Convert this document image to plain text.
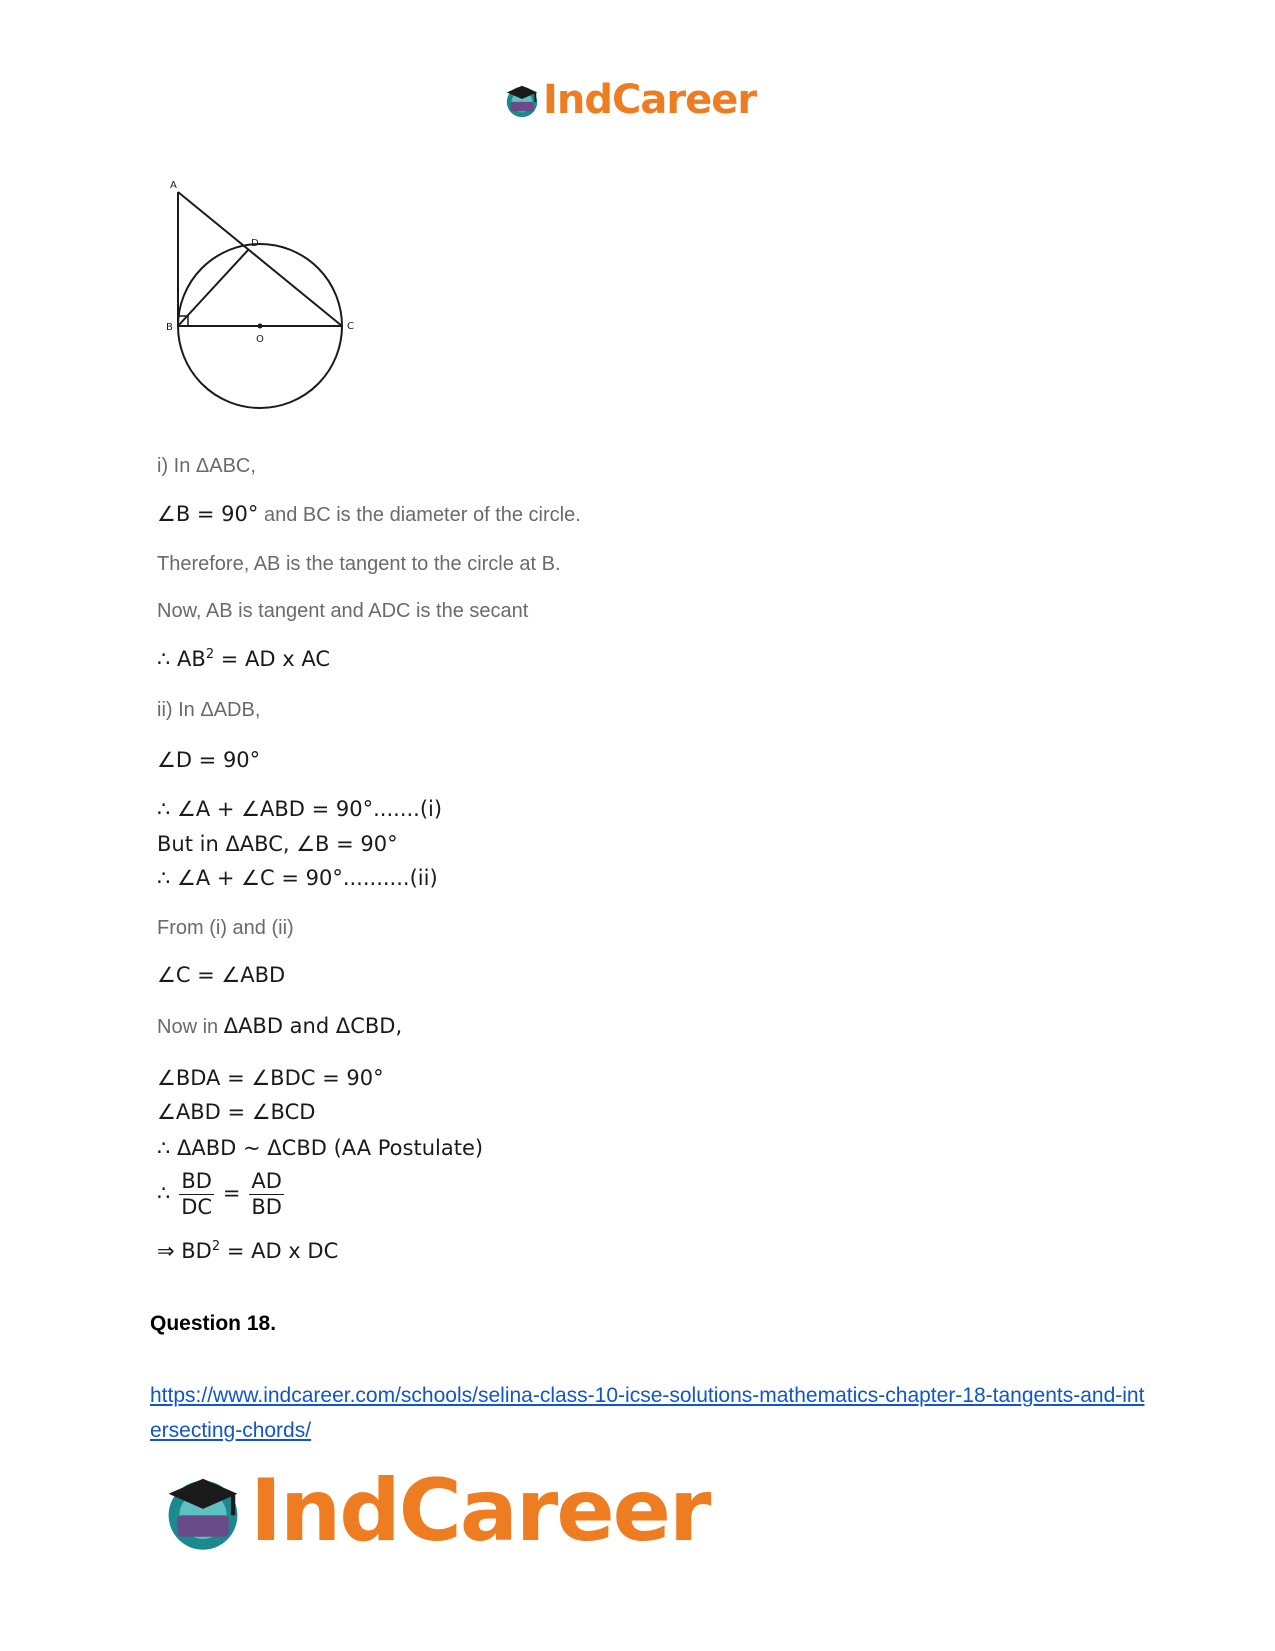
IndCareer
A
D
B	C
O
i) In ΔABC,
∠B = 90° and BC is the diameter of the circle.
Therefore, AB is the tangent to the circle at B.
Now, AB is tangent and ADC is the secant
∴ $AB^2$ = AD x AC
ii) In ΔADB,
∠D = 90°
∴ ∠A + ∠ABD = 90°.......(i)
But in ΔABC, ∠B = 90°
∴ ∠A + ∠C = 90°..........(ii)
From (i) and (ii)
∠C = ∠ABD
Now in ΔABD and ΔCBD,
∠BDA = ∠BDC = 90°
∠ABD = ∠BCD
∴ ΔABD ~ ΔCBD (AA Postulate)
∴ $\frac{BD}{DC} = \frac{AD}{BD}$
⇒ $BD^2$ = AD x DC
Question 18.
https://www.indcareer.com/schools/selina-class-10-icse-solutions-mathematics-chapter-18-tangents-and-intersecting-chords/
IndCareer
